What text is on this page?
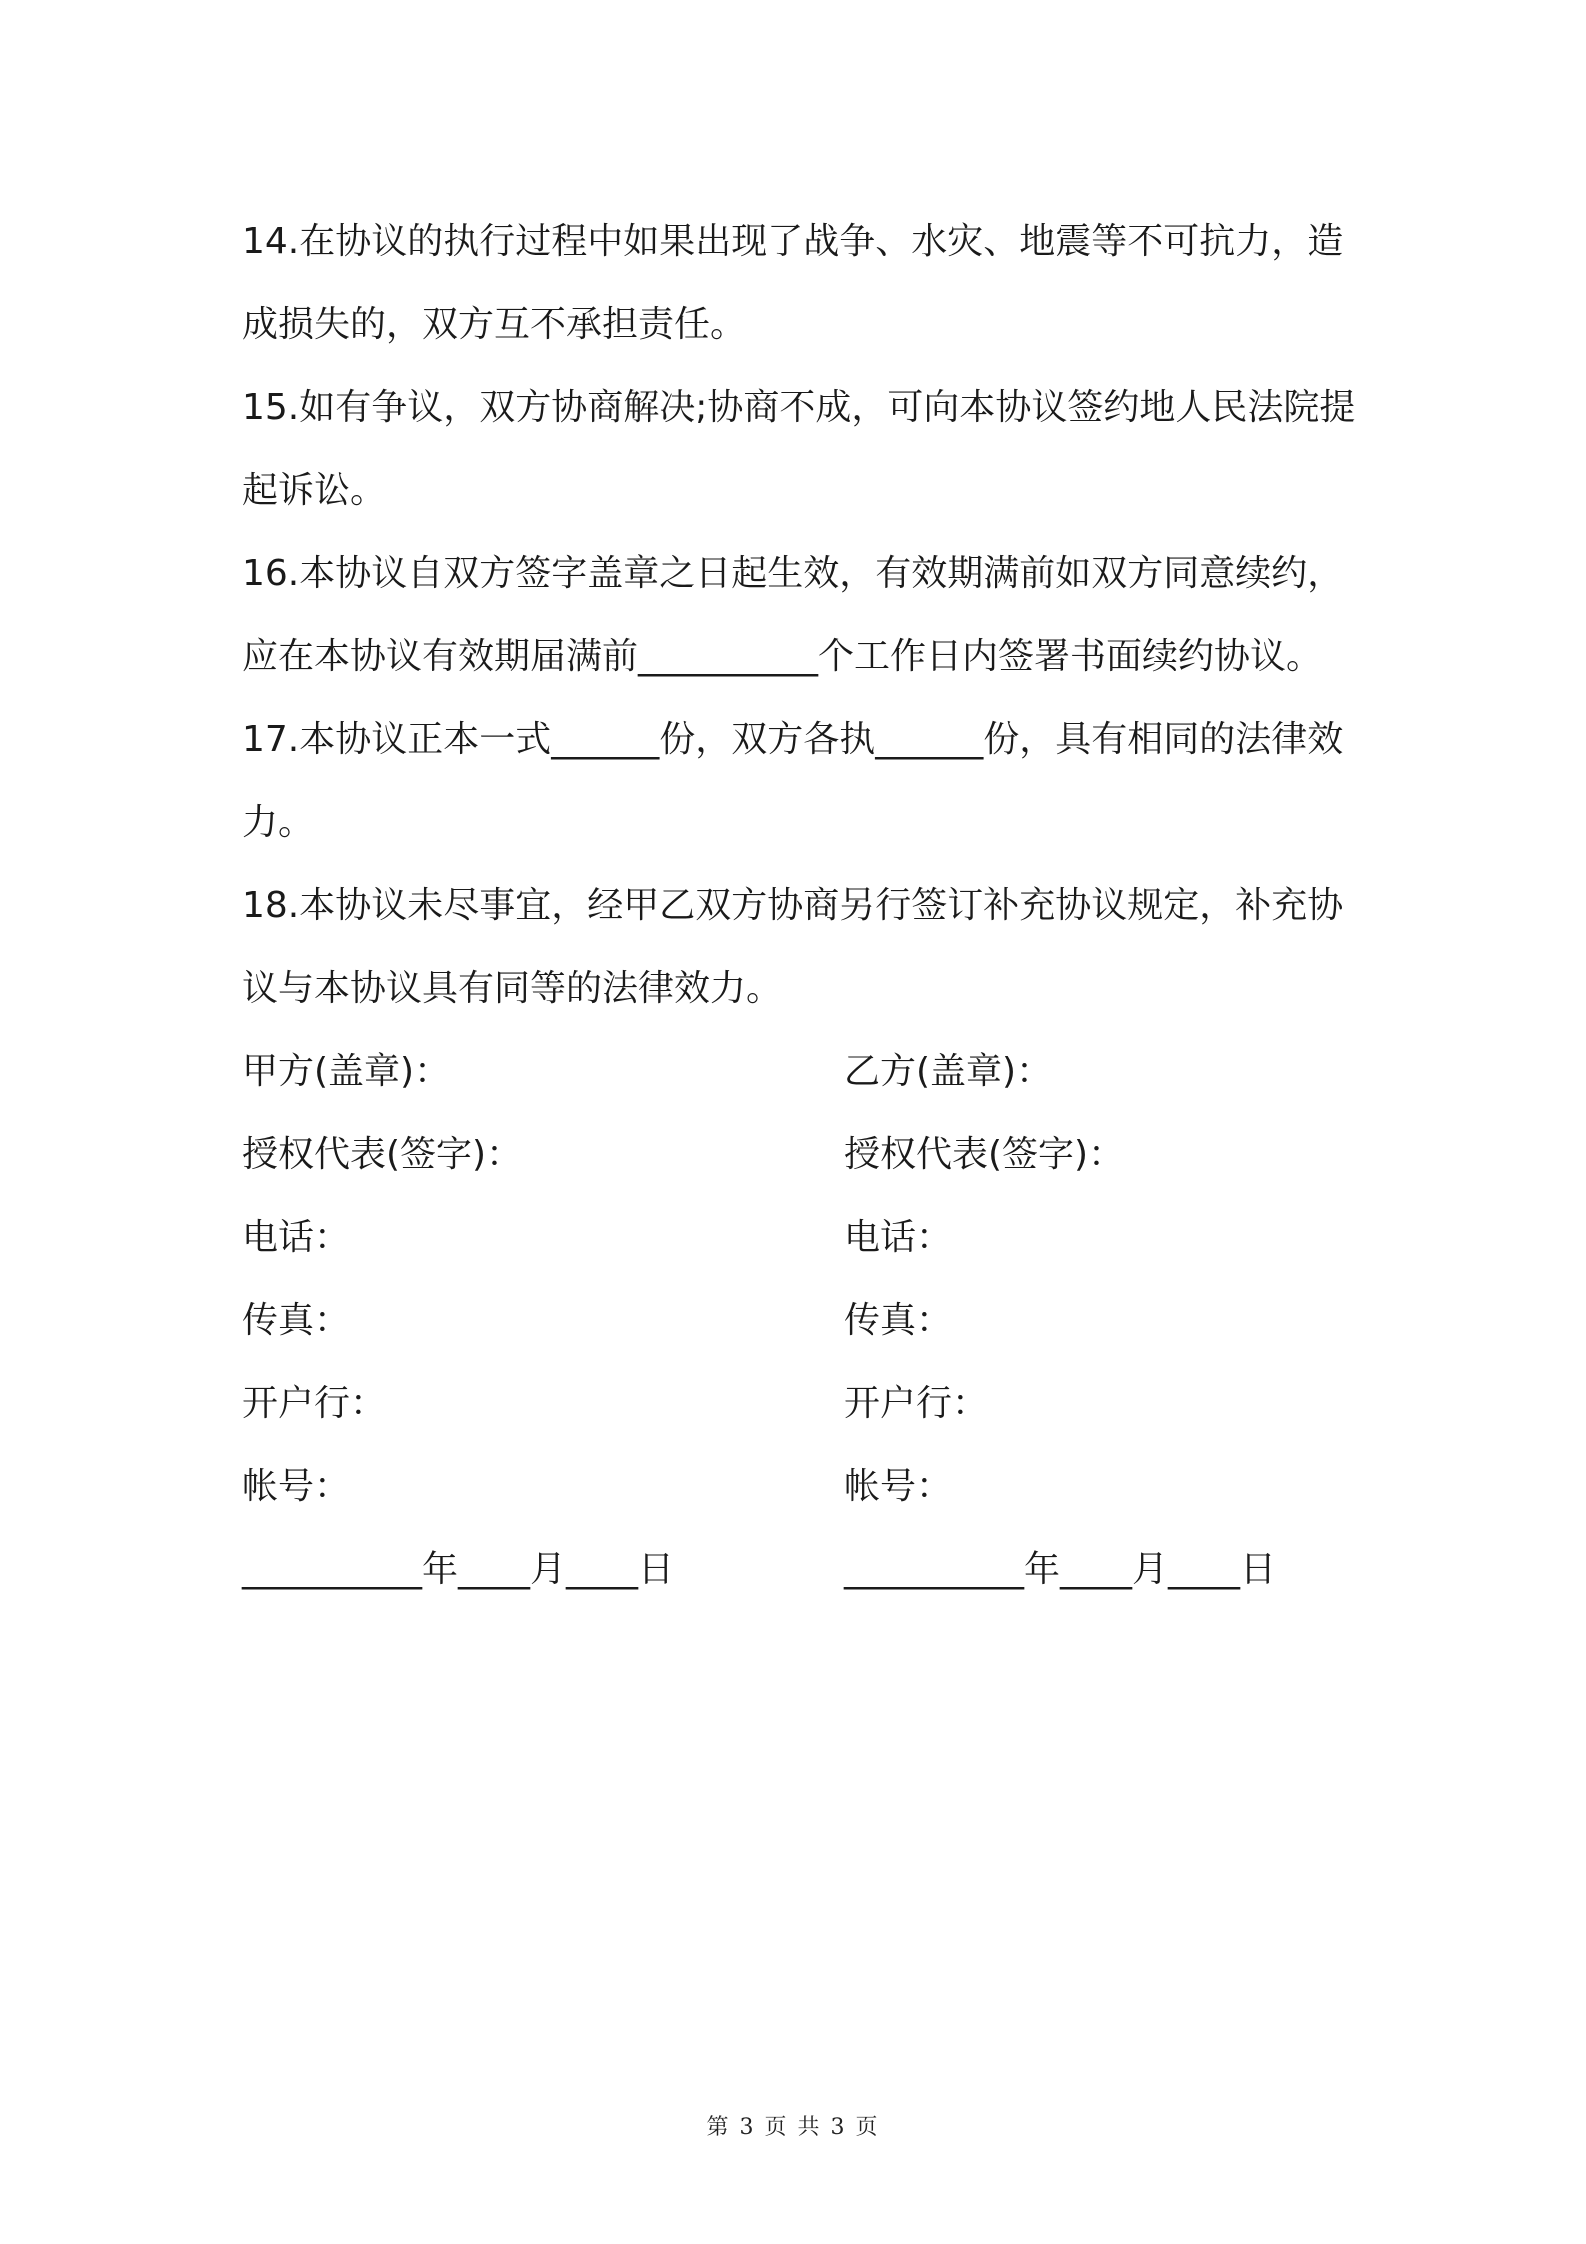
14.在协议的执行过程中如果出现了战争、水灾、地震等不可抗力，造成损失的，双方互不承担责任。

15.如有争议，双方协商解决;协商不成，可向本协议签约地人民法院提起诉讼。

16.本协议自双方签字盖章之日起生效，有效期满前如双方同意续约，应在本协议有效期届满前__________个工作日内签署书面续约协议。

17.本协议正本一式______份，双方各执______份，具有相同的法律效力。

18.本协议未尽事宜，经甲乙双方协商另行签订补充协议规定，补充协议与本协议具有同等的法律效力。

甲方(盖章)：	乙方(盖章)：
授权代表(签字)：	授权代表(签字)：
电话：	电话：
传真：	传真：
开户行：	开户行：
帐号：	帐号：
__________年____月____日	__________年____月____日
第 3 页 共 3 页
